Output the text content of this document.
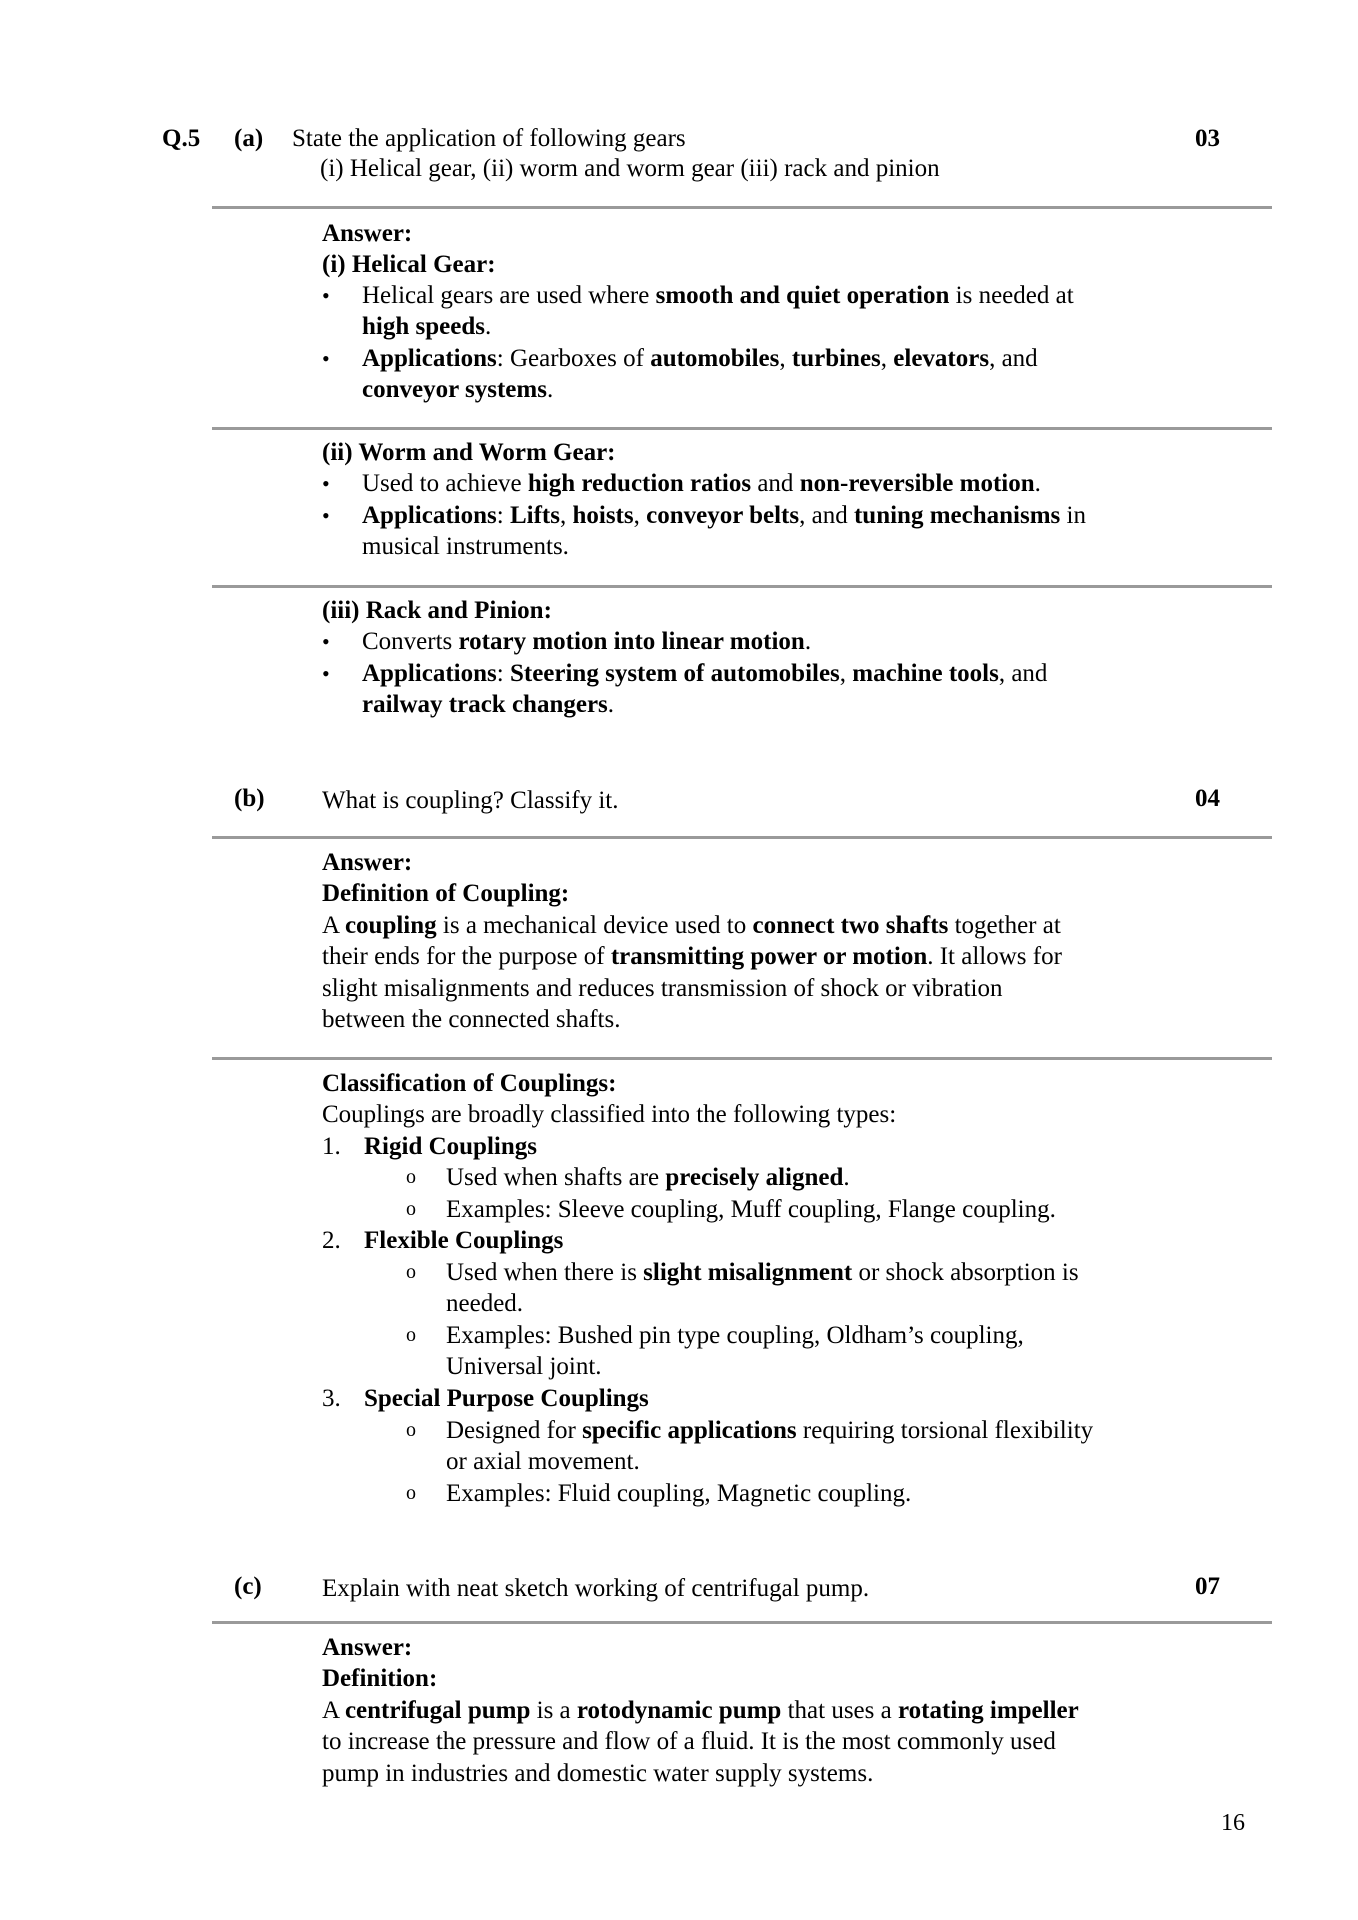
Q.5 (a) State the application of following gears
(i) Helical gear, (ii) worm and worm gear (iii) rack and pinion
03
Answer:
(i) Helical Gear:
• Helical gears are used where smooth and quiet operation is needed at
high speeds.
• Applications: Gearboxes of automobiles, turbines, elevators, and
conveyor systems.
(ii) Worm and Worm Gear:
• Used to achieve high reduction ratios and non-reversible motion.
• Applications: Lifts, hoists, conveyor belts, and tuning mechanisms in
musical instruments.
(iii) Rack and Pinion:
• Converts rotary motion into linear motion.
• Applications: Steering system of automobiles, machine tools, and
railway track changers.
(b) What is coupling? Classify it.	04
Answer:
Definition of Coupling:
A coupling is a mechanical device used to connect two shafts together at
their ends for the purpose of transmitting power or motion. It allows for
slight misalignments and reduces transmission of shock or vibration
between the connected shafts.
Classification of Couplings:
Couplings are broadly classified into the following types:
1. Rigid Couplings
o Used when shafts are precisely aligned.
o Examples: Sleeve coupling, Muff coupling, Flange coupling.
2. Flexible Couplings
o Used when there is slight misalignment or shock absorption is
needed.
o Examples: Bushed pin type coupling, Oldham’s coupling,
Universal joint.
3. Special Purpose Couplings
o Designed for specific applications requiring torsional flexibility
or axial movement.
o Examples: Fluid coupling, Magnetic coupling.
(c) Explain with neat sketch working of centrifugal pump.	07
Answer:
Definition:
A centrifugal pump is a rotodynamic pump that uses a rotating impeller
to increase the pressure and flow of a fluid. It is the most commonly used
pump in industries and domestic water supply systems.
16
